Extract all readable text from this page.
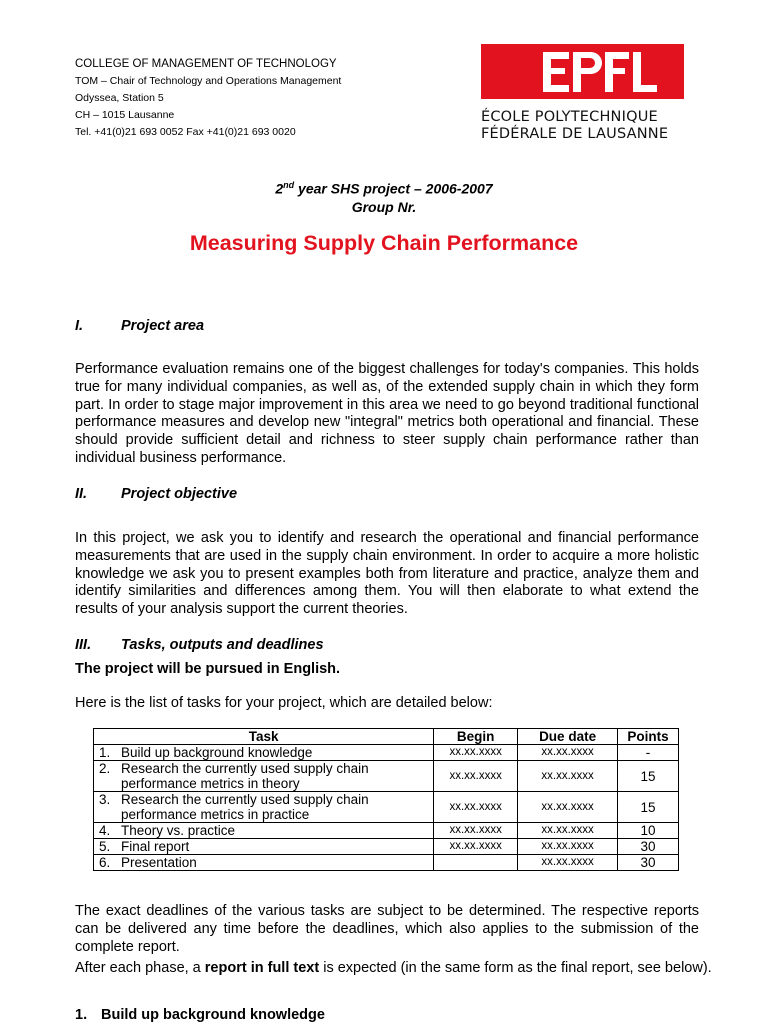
COLLEGE OF MANAGEMENT OF TECHNOLOGY
TOM – Chair of Technology and Operations Management
Odyssea, Station 5
CH – 1015 Lausanne
Tel. +41(0)21 693 0052 Fax +41(0)21 693 0020
ÉCOLE POLYTECHNIQUE
FÉDÉRALE DE LAUSANNE
2nd year SHS project – 2006-2007
Group Nr.
Measuring Supply Chain Performance
I.	Project area

Performance evaluation remains one of the biggest challenges for today's companies. This holds true for many individual companies, as well as, of the extended supply chain in which they form part. In order to stage major improvement in this area we need to go beyond traditional functional performance measures and develop new "integral" metrics both operational and financial. These should provide sufficient detail and richness to steer supply chain performance rather than individual business performance.

II. Project objective

In this project, we ask you to identify and research the operational and financial performance measurements that are used in the supply chain environment. In order to acquire a more holistic knowledge we ask you to present examples both from literature and practice, analyze them and identify similarities and differences among them. You will then elaborate to what extend the results of your analysis support the current theories.

III. Tasks, outputs and deadlines
The project will be pursued in English.
Here is the list of tasks for your project, which are detailed below:
Task	Begin	Due date	Points

1. Build up background knowledge	xx.xx.xxxx	xx.xx.xxxx	-

2. Research the currently used supply chain performance metrics in theory	xx.xx.xxxx	xx.xx.xxxx	15

3. Research the currently used supply chain performance metrics in practice	xx.xx.xxxx	xx.xx.xxxx	15

4. Theory vs. practice	xx.xx.xxxx	xx.xx.xxxx	10

5. Final report	xx.xx.xxxx	xx.xx.xxxx	30

6. Presentation		xx.xx.xxxx	30

The exact deadlines of the various tasks are subject to be determined. The respective reports can be delivered any time before the deadlines, which also applies to the submission of the complete report.

After each phase, a report in full text is expected (in the same form as the final report, see below).
1. Build up background knowledge
